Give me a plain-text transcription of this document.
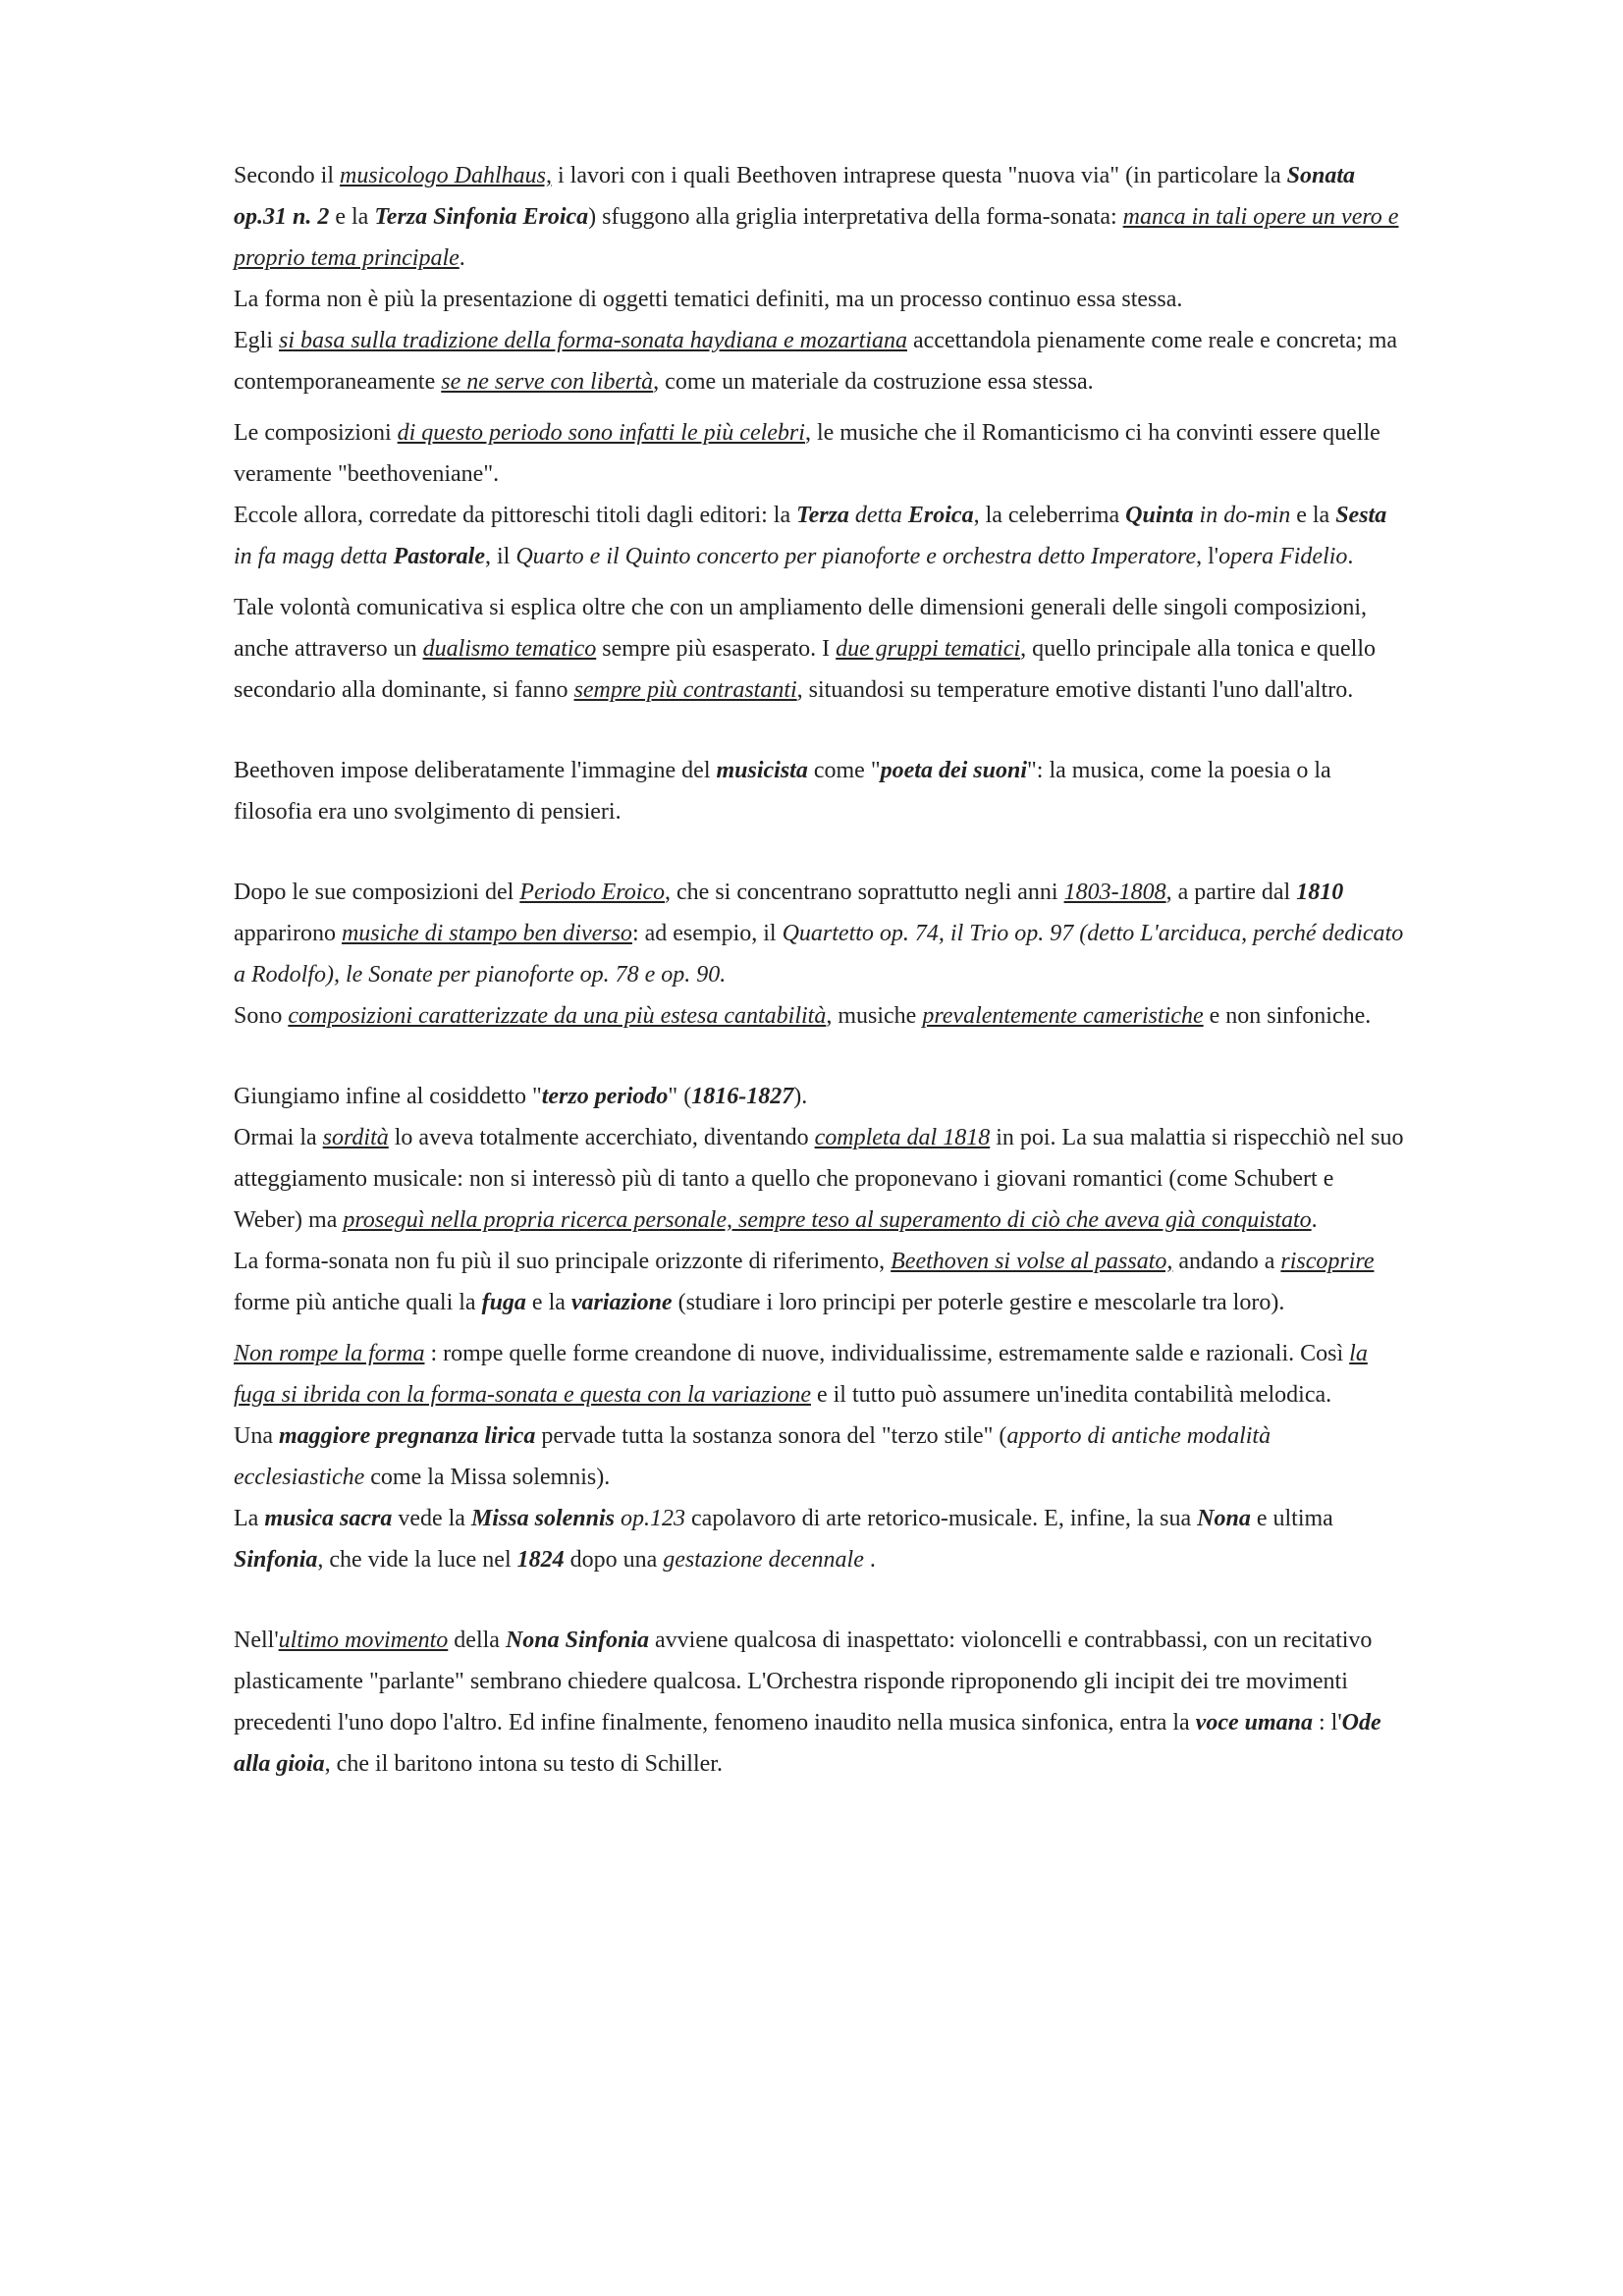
Secondo il musicologo Dahlhaus, i lavori con i quali Beethoven intraprese questa "nuova via" (in particolare la Sonata op.31 n. 2 e la Terza Sinfonia Eroica) sfuggono alla griglia interpretativa della forma-sonata: manca in tali opere un vero e proprio tema principale.

La forma non è più la presentazione di oggetti tematici definiti, ma un processo continuo essa stessa.

Egli si basa sulla tradizione della forma-sonata haydiana e mozartiana accettandola pienamente come reale e concreta; ma contemporaneamente se ne serve con libertà, come un materiale da costruzione essa stessa.

Le composizioni di questo periodo sono infatti le più celebri, le musiche che il Romanticismo ci ha convinti essere quelle veramente "beethoveniane".

Eccole allora, corredate da pittoreschi titoli dagli editori: la Terza detta Eroica, la celeberrima Quinta in do-min e la Sesta in fa magg detta Pastorale, il Quarto e il Quinto concerto per pianoforte e orchestra detto Imperatore, l'opera Fidelio.

Tale volontà comunicativa si esplica oltre che con un ampliamento delle dimensioni generali delle singoli composizioni, anche attraverso un dualismo tematico sempre più esasperato. I due gruppi tematici, quello principale alla tonica e quello secondario alla dominante, si fanno sempre più contrastanti, situandosi su temperature emotive distanti l'uno dall'altro.

Beethoven impose deliberatamente l'immagine del musicista come "poeta dei suoni": la musica, come la poesia o la filosofia era uno svolgimento di pensieri.

Dopo le sue composizioni del Periodo Eroico, che si concentrano soprattutto negli anni 1803-1808, a partire dal 1810 apparirono musiche di stampo ben diverso: ad esempio, il Quartetto op. 74, il Trio op. 97 (detto L'arciduca, perché dedicato a Rodolfo), le Sonate per pianoforte op. 78 e op. 90.

Sono composizioni caratterizzate da una più estesa cantabilità, musiche prevalentemente cameristiche e non sinfoniche.

Giungiamo infine al cosiddetto "terzo periodo" (1816-1827).

Ormai la sordità lo aveva totalmente accerchiato, diventando completa dal 1818 in poi. La sua malattia si rispecchiò nel suo atteggiamento musicale: non si interessò più di tanto a quello che proponevano i giovani romantici (come Schubert e Weber) ma proseguì nella propria ricerca personale, sempre teso al superamento di ciò che aveva già conquistato.

La forma-sonata non fu più il suo principale orizzonte di riferimento, Beethoven si volse al passato, andando a riscoprire forme più antiche quali la fuga e la variazione (studiare i loro principi per poterle gestire e mescolarle tra loro).

Non rompe la forma : rompe quelle forme creandone di nuove, individualissime, estremamente salde e razionali. Così la fuga si ibrida con la forma-sonata e questa con la variazione e il tutto può assumere un'inedita contabilità melodica.

Una maggiore pregnanza lirica pervade tutta la sostanza sonora del "terzo stile" (apporto di antiche modalità ecclesiastiche come la Missa solemnis).

La musica sacra vede la Missa solennis op.123 capolavoro di arte retorico-musicale. E, infine, la sua Nona e ultima Sinfonia, che vide la luce nel 1824 dopo una gestazione decennale .

Nell'ultimo movimento della Nona Sinfonia avviene qualcosa di inaspettato: violoncelli e contrabbassi, con un recitativo plasticamente "parlante" sembrano chiedere qualcosa. L'Orchestra risponde riproponendo gli incipit dei tre movimenti precedenti l'uno dopo l'altro. Ed infine finalmente, fenomeno inaudito nella musica sinfonica, entra la voce umana : l'Ode alla gioia, che il baritono intona su testo di Schiller.
